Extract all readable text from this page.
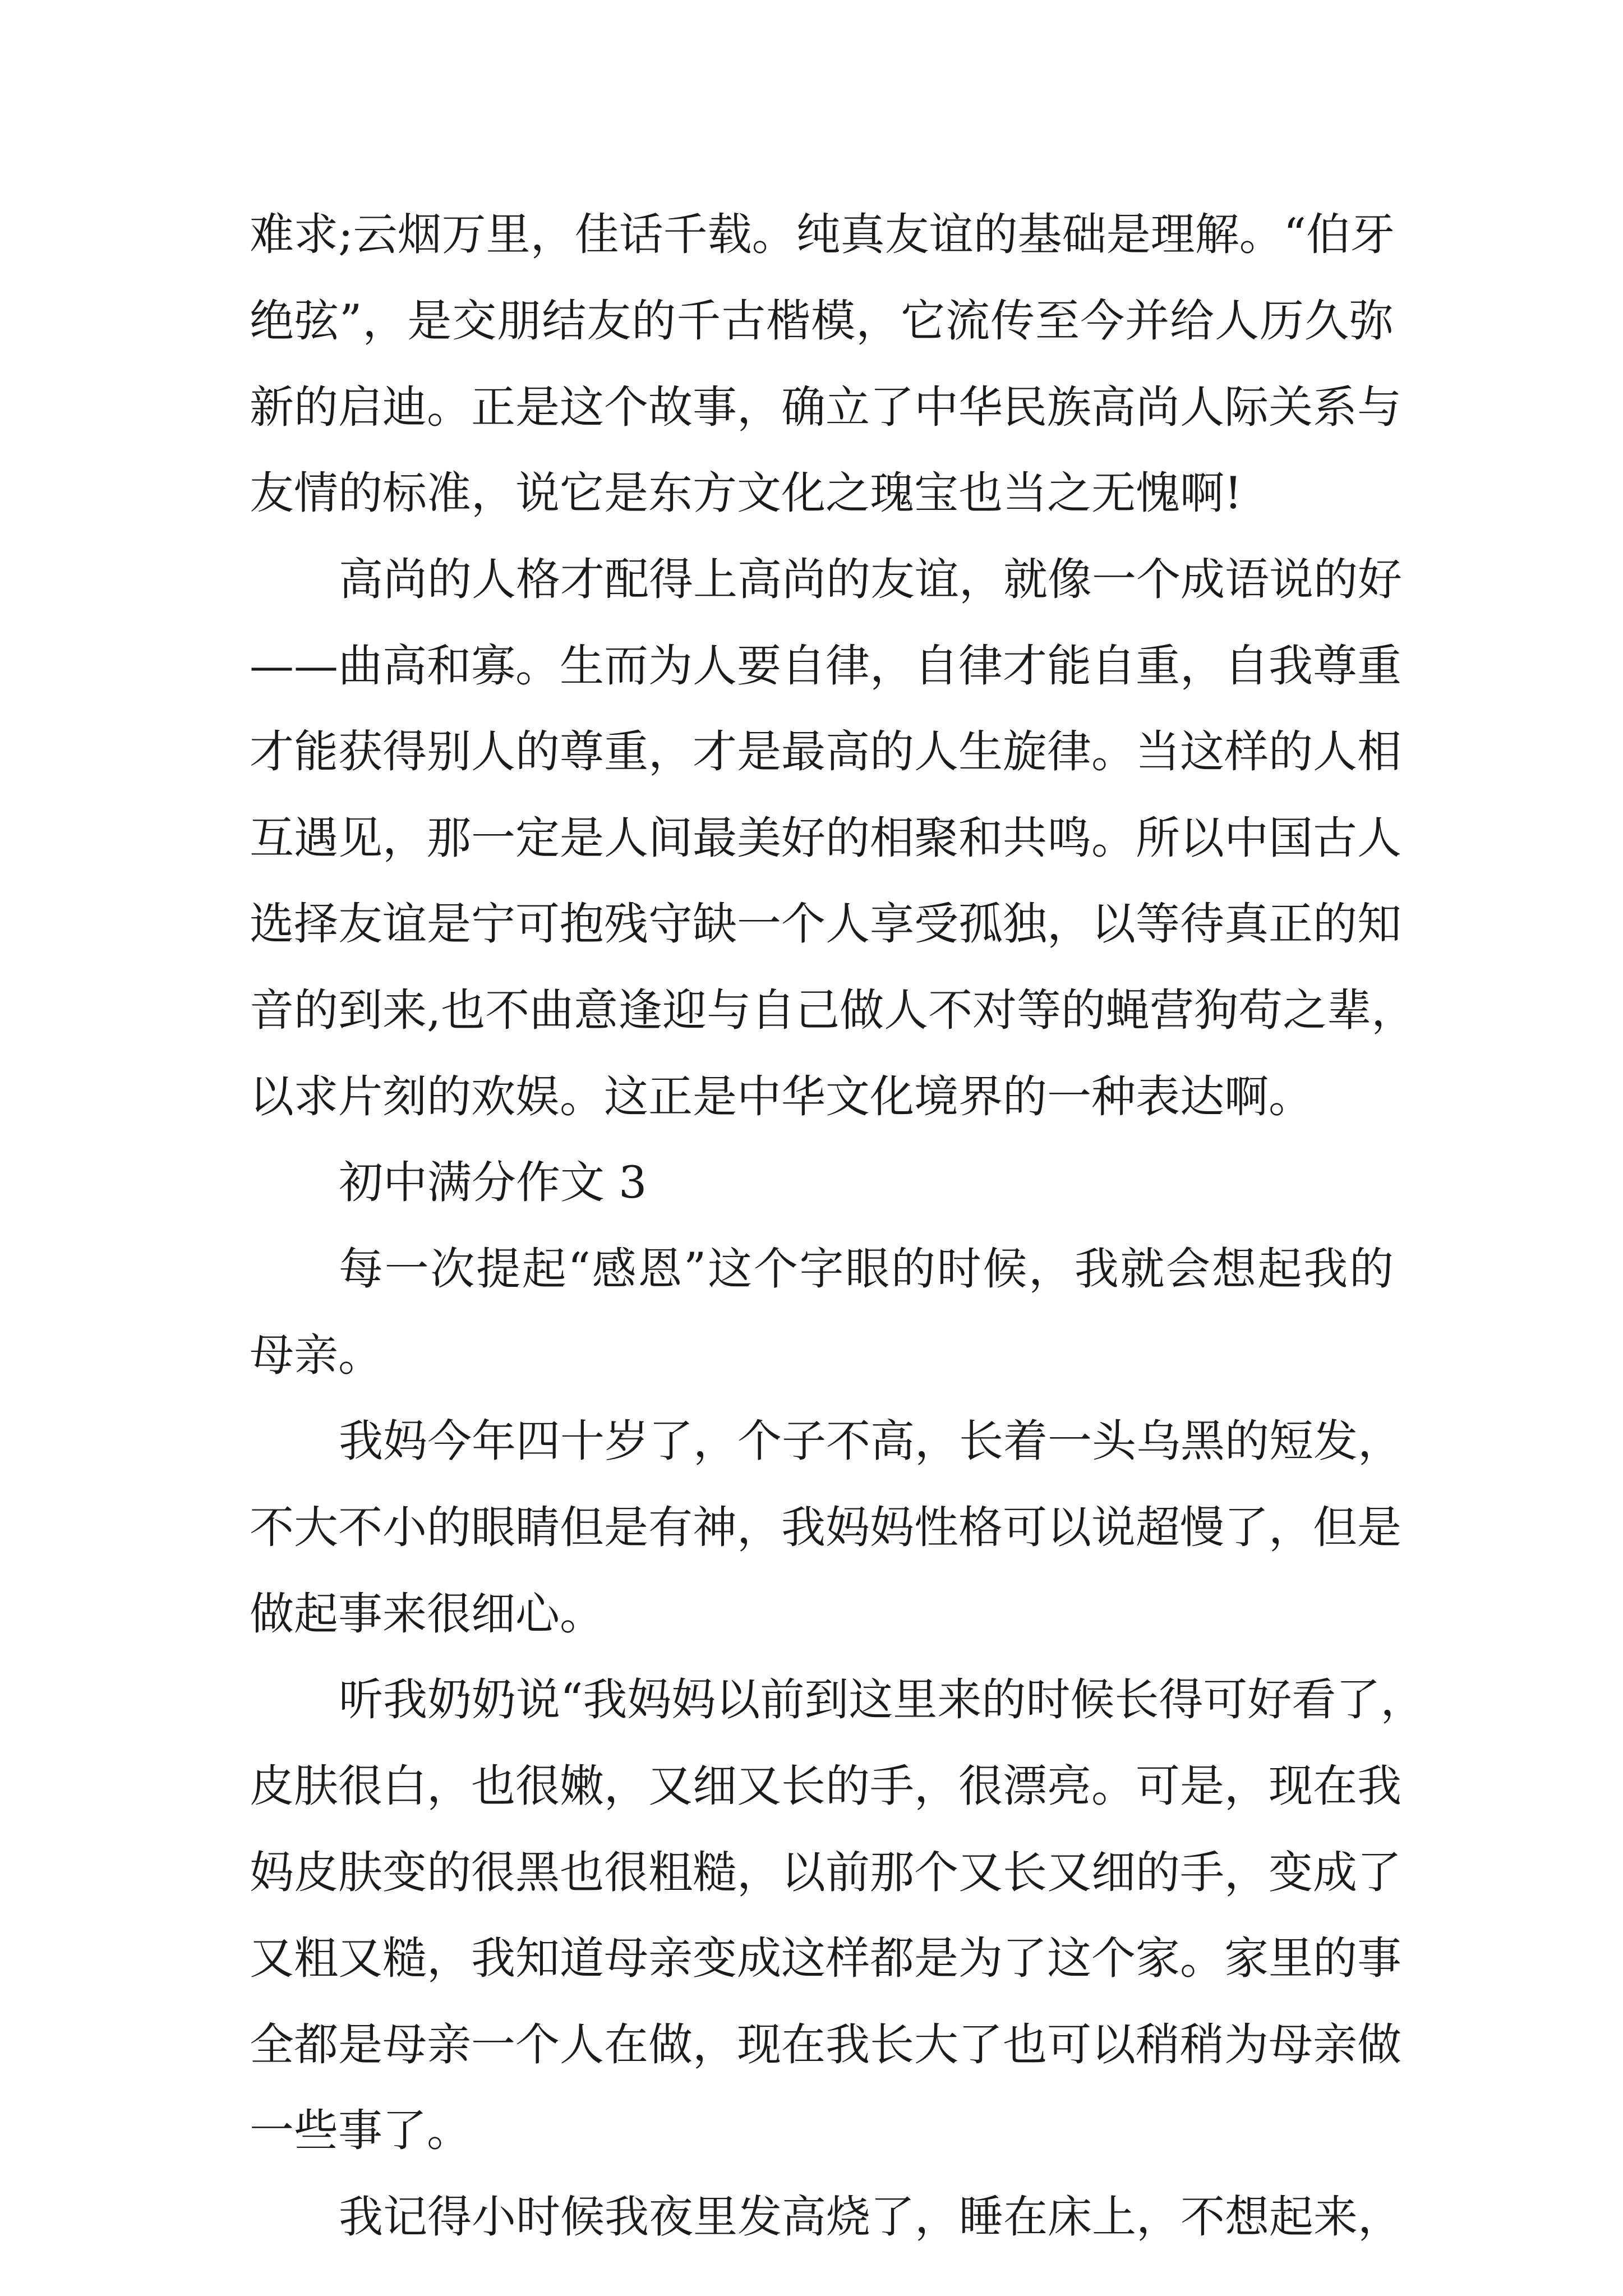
难求;云烟万里，佳话千载。纯真友谊的基础是理解。“伯牙
绝弦”，是交朋结友的千古楷模，它流传至今并给人历久弥
新的启迪。正是这个故事，确立了中华民族高尚人际关系与
友情的标准，说它是东方文化之瑰宝也当之无愧啊!
高尚的人格才配得上高尚的友谊，就像一个成语说的好
——曲高和寡。生而为人要自律，自律才能自重，自我尊重
才能获得别人的尊重，才是最高的人生旋律。当这样的人相
互遇见，那一定是人间最美好的相聚和共鸣。所以中国古人
选择友谊是宁可抱残守缺一个人享受孤独，以等待真正的知
音的到来,也不曲意逢迎与自己做人不对等的蝇营狗苟之辈，
以求片刻的欢娱。这正是中华文化境界的一种表达啊。
初中满分作文 3
每一次提起“感恩”这个字眼的时候，我就会想起我的
母亲。
我妈今年四十岁了，个子不高，长着一头乌黑的短发，
不大不小的眼睛但是有神，我妈妈性格可以说超慢了，但是
做起事来很细心。
听我奶奶说“我妈妈以前到这里来的时候长得可好看了，
皮肤很白，也很嫩，又细又长的手，很漂亮。可是，现在我
妈皮肤变的很黑也很粗糙，以前那个又长又细的手，变成了
又粗又糙，我知道母亲变成这样都是为了这个家。家里的事
全都是母亲一个人在做，现在我长大了也可以稍稍为母亲做
一些事了。
我记得小时候我夜里发高烧了，睡在床上，不想起来，
